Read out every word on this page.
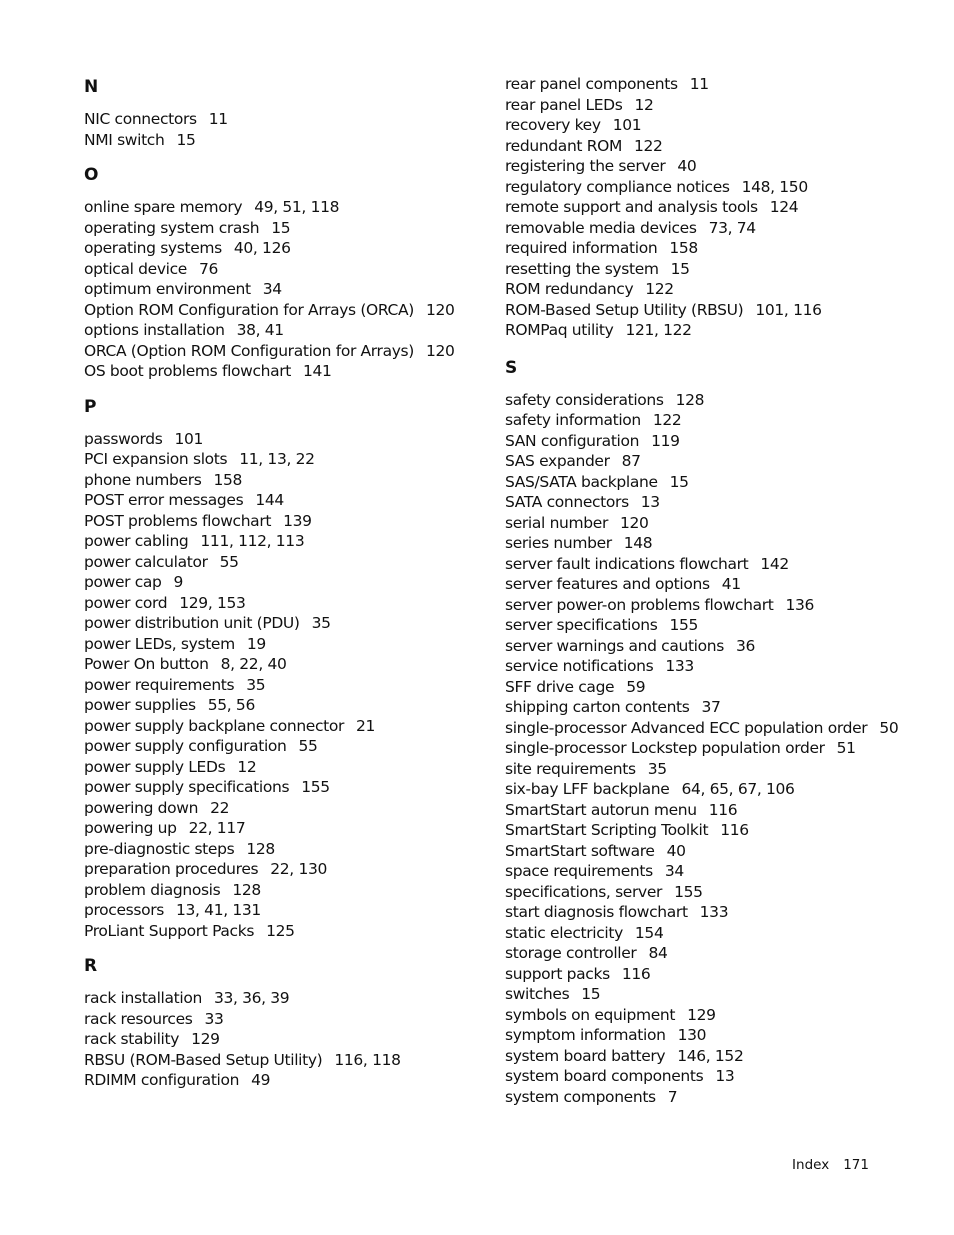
N
NIC connectors 11
NMI switch 15
O
online spare memory 49, 51, 118
operating system crash 15
operating systems 40, 126
optical device 76
optimum environment 34
Option ROM Configuration for Arrays (ORCA) 120
options installation 38, 41
ORCA (Option ROM Configuration for Arrays) 120
OS boot problems flowchart 141
P
passwords 101
PCI expansion slots 11, 13, 22
phone numbers 158
POST error messages 144
POST problems flowchart 139
power cabling 111, 112, 113
power calculator 55
power cap 9
power cord 129, 153
power distribution unit (PDU) 35
power LEDs, system 19
Power On button 8, 22, 40
power requirements 35
power supplies 55, 56
power supply backplane connector 21
power supply configuration 55
power supply LEDs 12
power supply specifications 155
powering down 22
powering up 22, 117
pre-diagnostic steps 128
preparation procedures 22, 130
problem diagnosis 128
processors 13, 41, 131
ProLiant Support Packs 125
R
rack installation 33, 36, 39
rack resources 33
rack stability 129
RBSU (ROM-Based Setup Utility) 116, 118
RDIMM configuration 49
rear panel components 11
rear panel LEDs 12
recovery key 101
redundant ROM 122
registering the server 40
regulatory compliance notices 148, 150
remote support and analysis tools 124
removable media devices 73, 74
required information 158
resetting the system 15
ROM redundancy 122
ROM-Based Setup Utility (RBSU) 101, 116
ROMPaq utility 121, 122
S
safety considerations 128
safety information 122
SAN configuration 119
SAS expander 87
SAS/SATA backplane 15
SATA connectors 13
serial number 120
series number 148
server fault indications flowchart 142
server features and options 41
server power-on problems flowchart 136
server specifications 155
server warnings and cautions 36
service notifications 133
SFF drive cage 59
shipping carton contents 37
single-processor Advanced ECC population order 50
single-processor Lockstep population order 51
site requirements 35
six-bay LFF backplane 64, 65, 67, 106
SmartStart autorun menu 116
SmartStart Scripting Toolkit 116
SmartStart software 40
space requirements 34
specifications, server 155
start diagnosis flowchart 133
static electricity 154
storage controller 84
support packs 116
switches 15
symbols on equipment 129
symptom information 130
system board battery 146, 152
system board components 13
system components 7
Index 171
